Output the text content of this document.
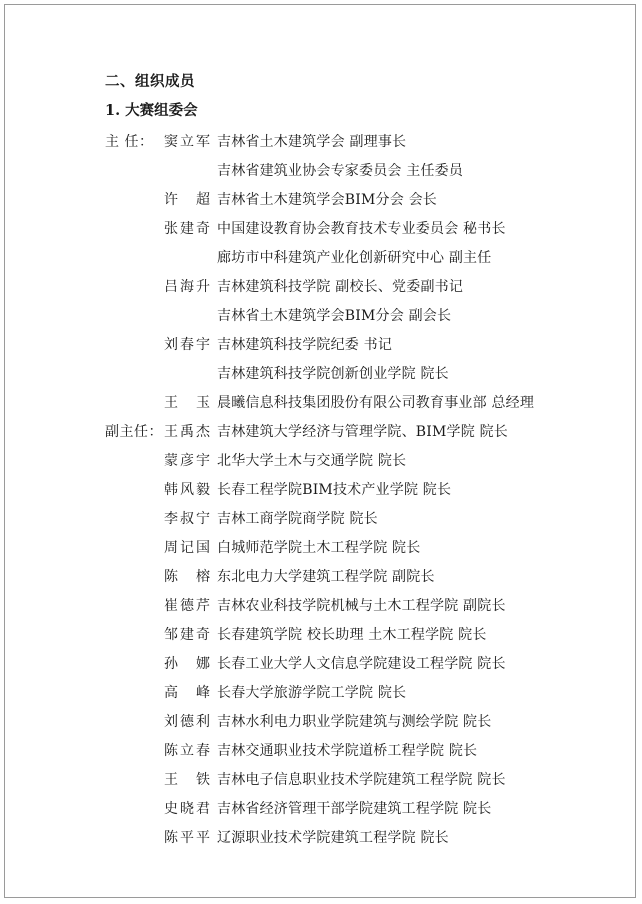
二、组织成员
1. 大赛组委会
主 任： 窦立军 吉林省土木建筑学会 副理事长
吉林省建筑业协会专家委员会 主任委员
许 超 吉林省土木建筑学会BIM分会 会长
张建奇 中国建设教育协会教育技术专业委员会 秘书长
廊坊市中科建筑产业化创新研究中心 副主任
吕海升 吉林建筑科技学院 副校长、党委副书记
吉林省土木建筑学会BIM分会 副会长
刘春宇 吉林建筑科技学院纪委 书记
吉林建筑科技学院创新创业学院 院长
王 玉 晨曦信息科技集团股份有限公司教育事业部 总经理
副主任： 王禹杰 吉林建筑大学经济与管理学院、BIM学院 院长
蒙彦宇 北华大学土木与交通学院 院长
韩风毅 长春工程学院BIM技术产业学院 院长
李叔宁 吉林工商学院商学院 院长
周记国 白城师范学院土木工程学院 院长
陈 榕 东北电力大学建筑工程学院 副院长
崔德芹 吉林农业科技学院机械与土木工程学院 副院长
邹建奇 长春建筑学院 校长助理 土木工程学院 院长
孙 娜 长春工业大学人文信息学院建设工程学院 院长
高 峰 长春大学旅游学院工学院 院长
刘德利 吉林水利电力职业学院建筑与测绘学院 院长
陈立春 吉林交通职业技术学院道桥工程学院 院长
王 铁 吉林电子信息职业技术学院建筑工程学院 院长
史晓君 吉林省经济管理干部学院建筑工程学院 院长
陈平平 辽源职业技术学院建筑工程学院 院长
